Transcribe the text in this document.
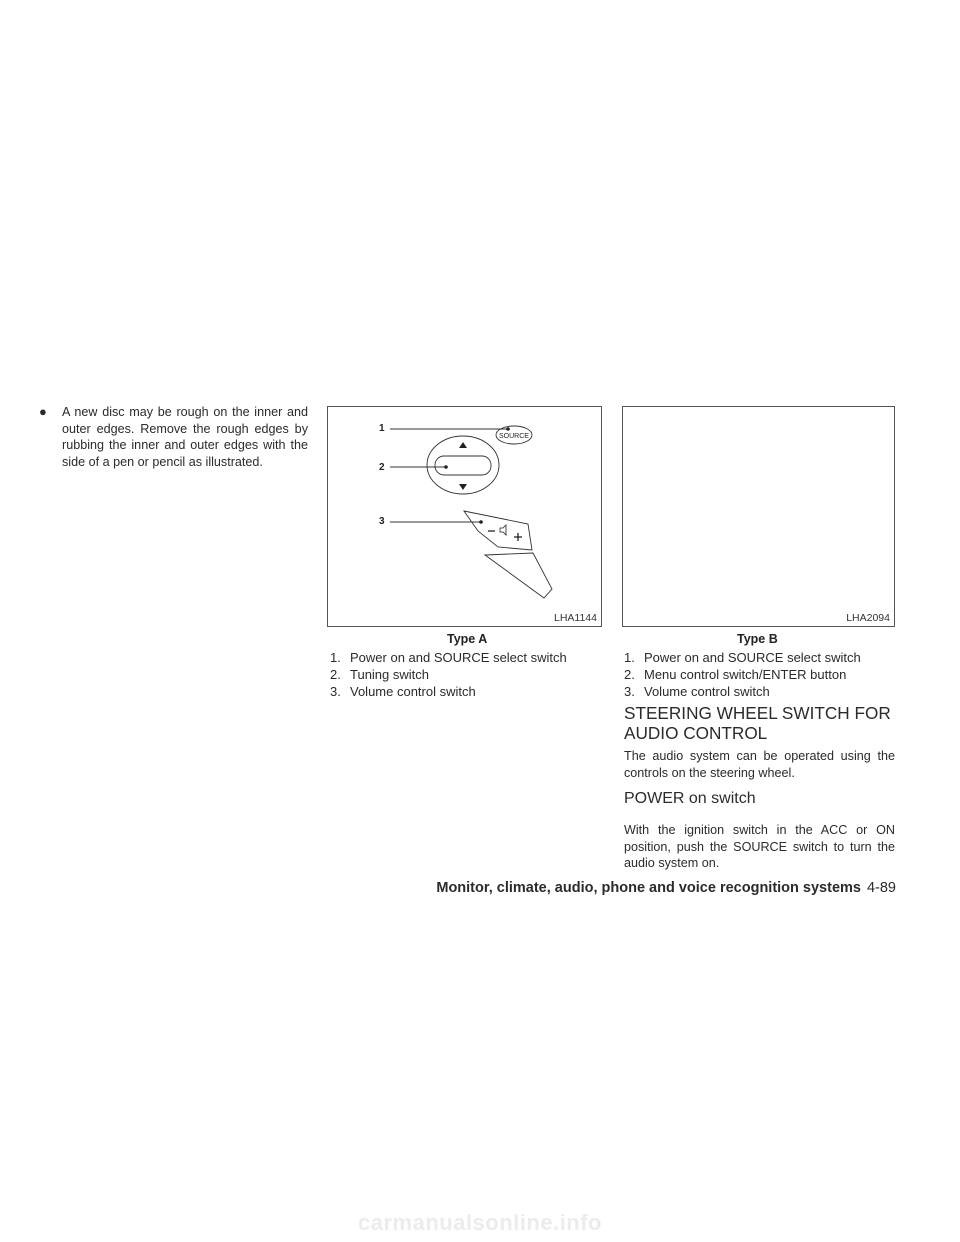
● A new disc may be rough on the inner and outer edges. Remove the rough edges by rubbing the inner and outer edges with the side of a pen or pencil as illustrated.
1
SOURCE
2
3
LHA1144
Type A
1. Power on and SOURCE select switch
2. Tuning switch
3. Volume control switch
LHA2094
Type B
1. Power on and SOURCE select switch
2. Menu control switch/ENTER button
3. Volume control switch
STEERING WHEEL SWITCH FOR AUDIO CONTROL

The audio system can be operated using the controls on the steering wheel.

POWER on switch

With the ignition switch in the ACC or ON position, push the SOURCE switch to turn the audio system on.

Monitor, climate, audio, phone and voice recognition systems 4-89
carmanualsonline.info
